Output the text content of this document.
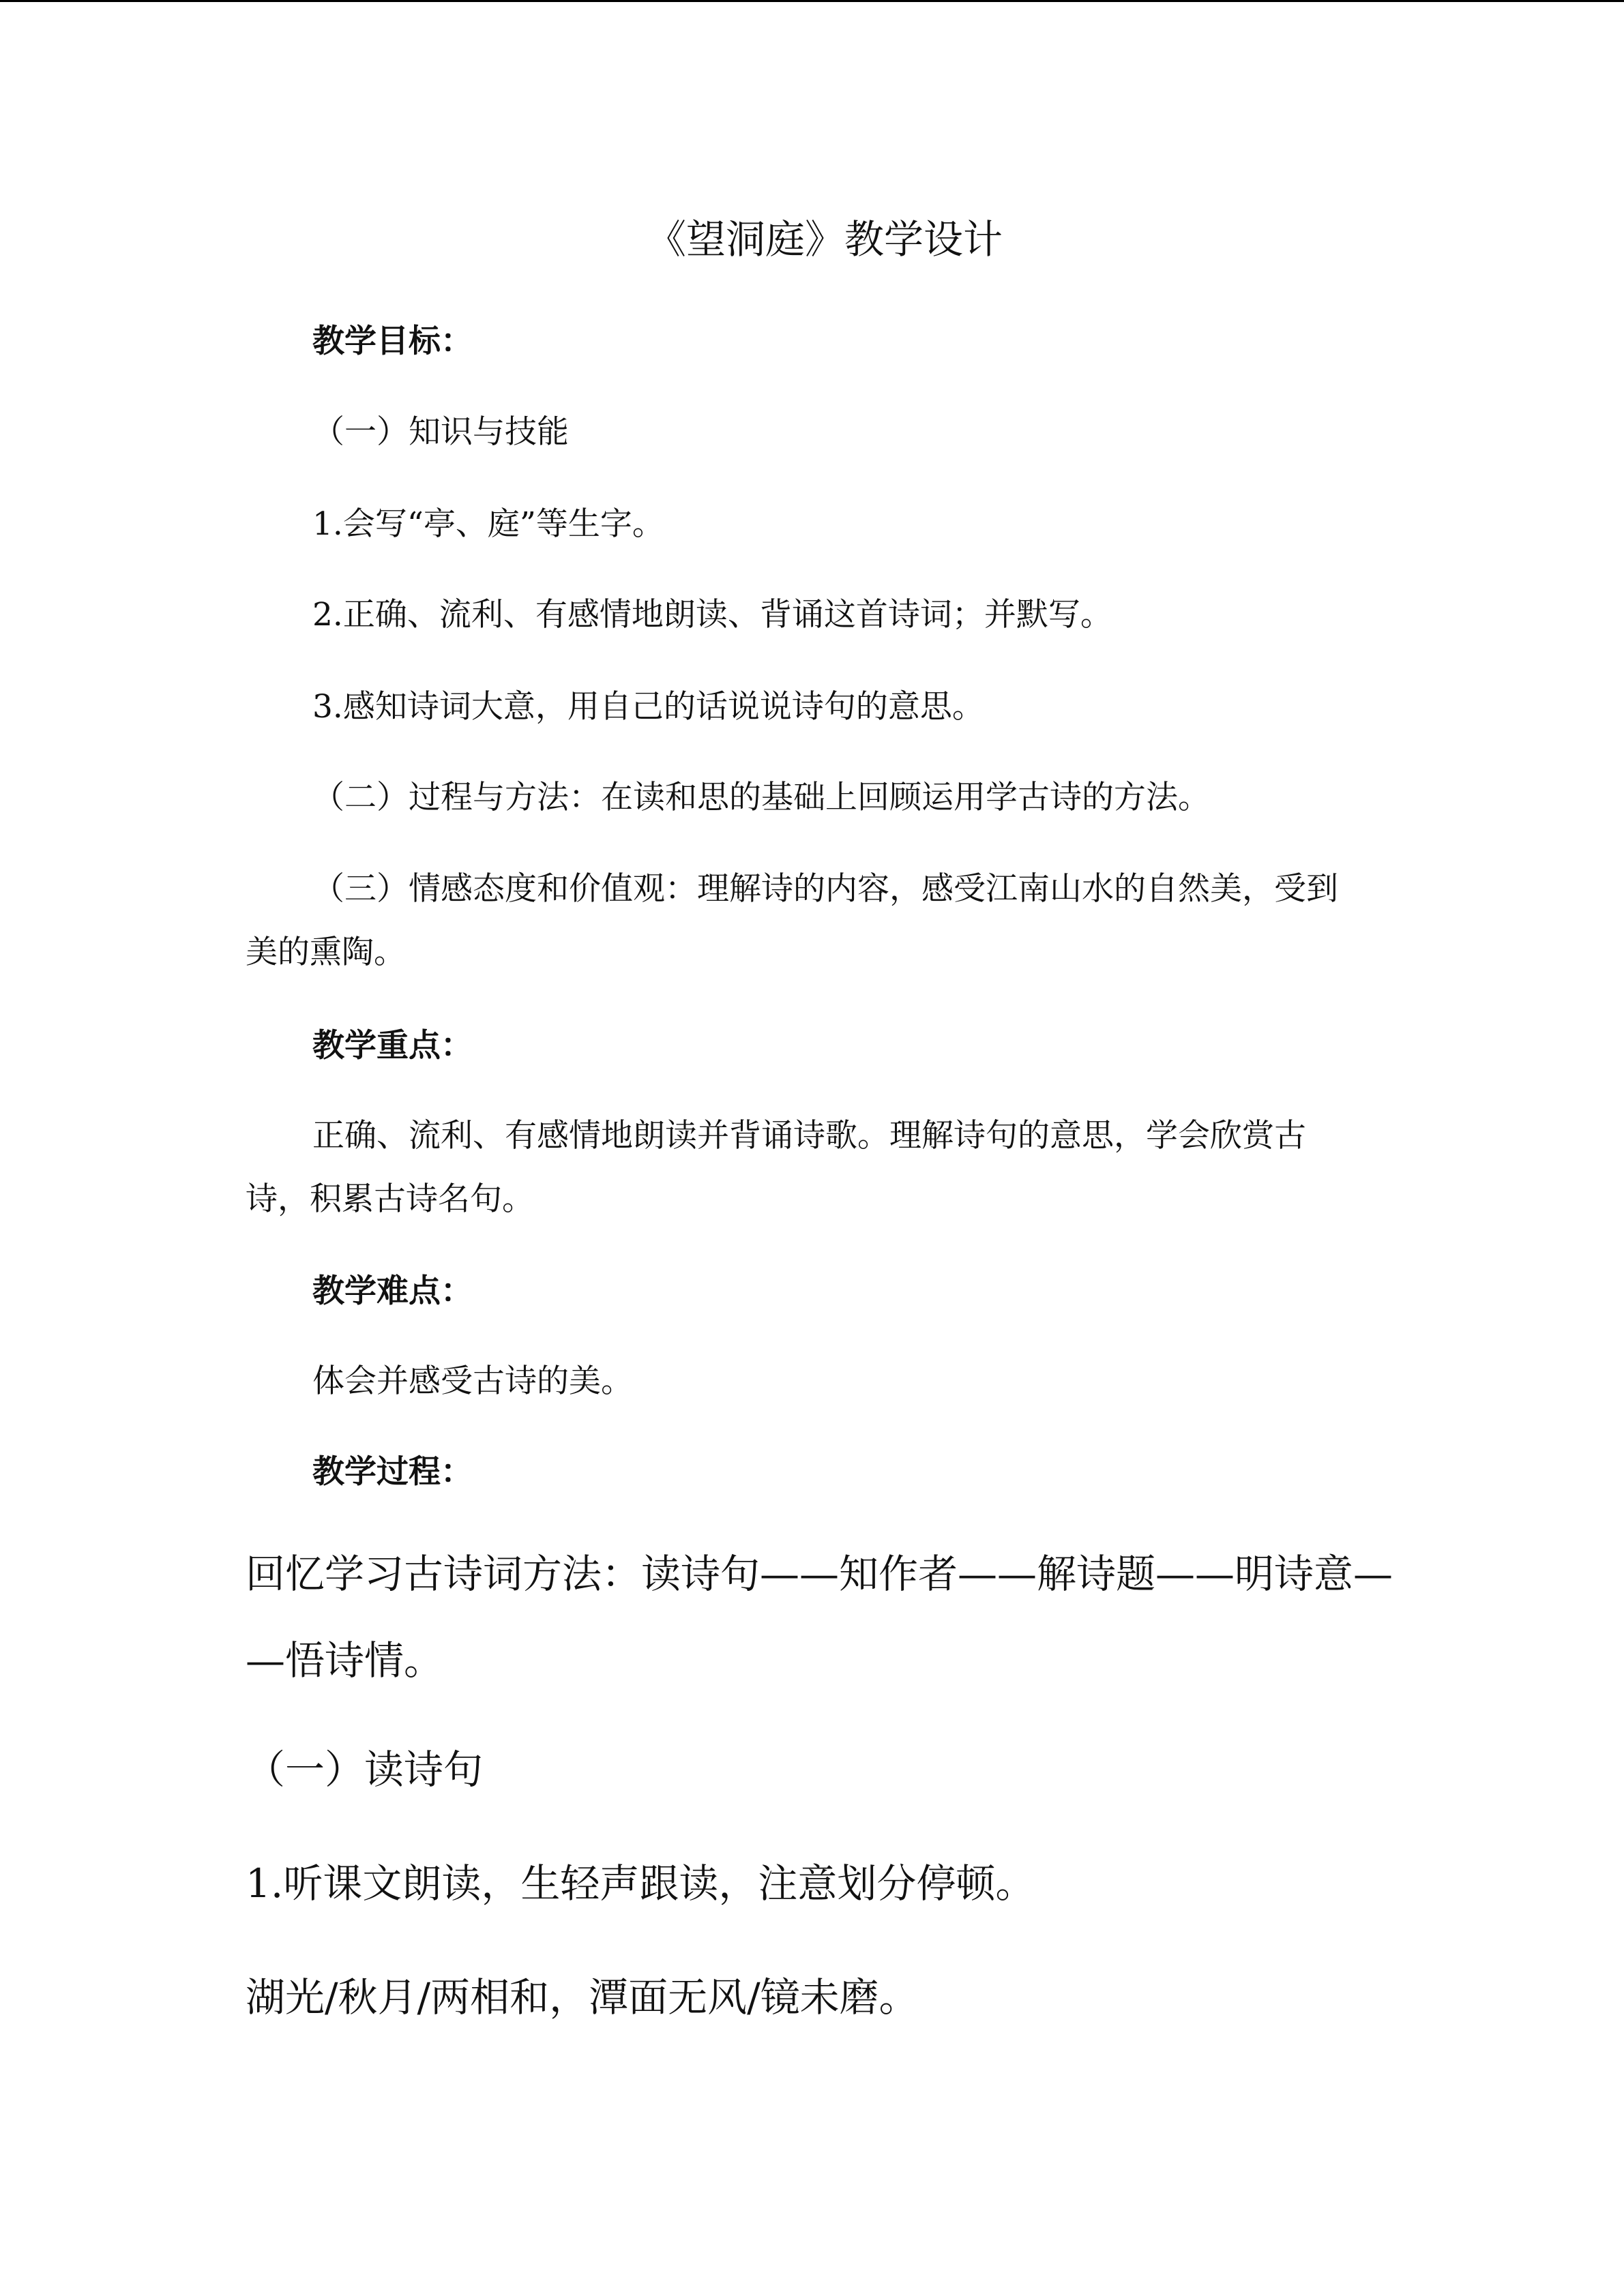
《望洞庭》教学设计
教学目标：
（一）知识与技能
1.会写“亭、庭”等生字。
2.正确、流利、有感情地朗读、背诵这首诗词；并默写。
3.感知诗词大意，用自己的话说说诗句的意思。
（二）过程与方法：在读和思的基础上回顾运用学古诗的方法。
（三）情感态度和价值观：理解诗的内容，感受江南山水的自然美，受到
美的熏陶。
教学重点：
正确、流利、有感情地朗读并背诵诗歌。理解诗句的意思，学会欣赏古
诗，积累古诗名句。
教学难点：
体会并感受古诗的美。
教学过程：
回忆学习古诗词方法：读诗句——知作者——解诗题——明诗意—
—悟诗情。
（一）读诗句
1.听课文朗读，生轻声跟读，注意划分停顿。
湖光/秋月/两相和，潭面无风/镜未磨。
